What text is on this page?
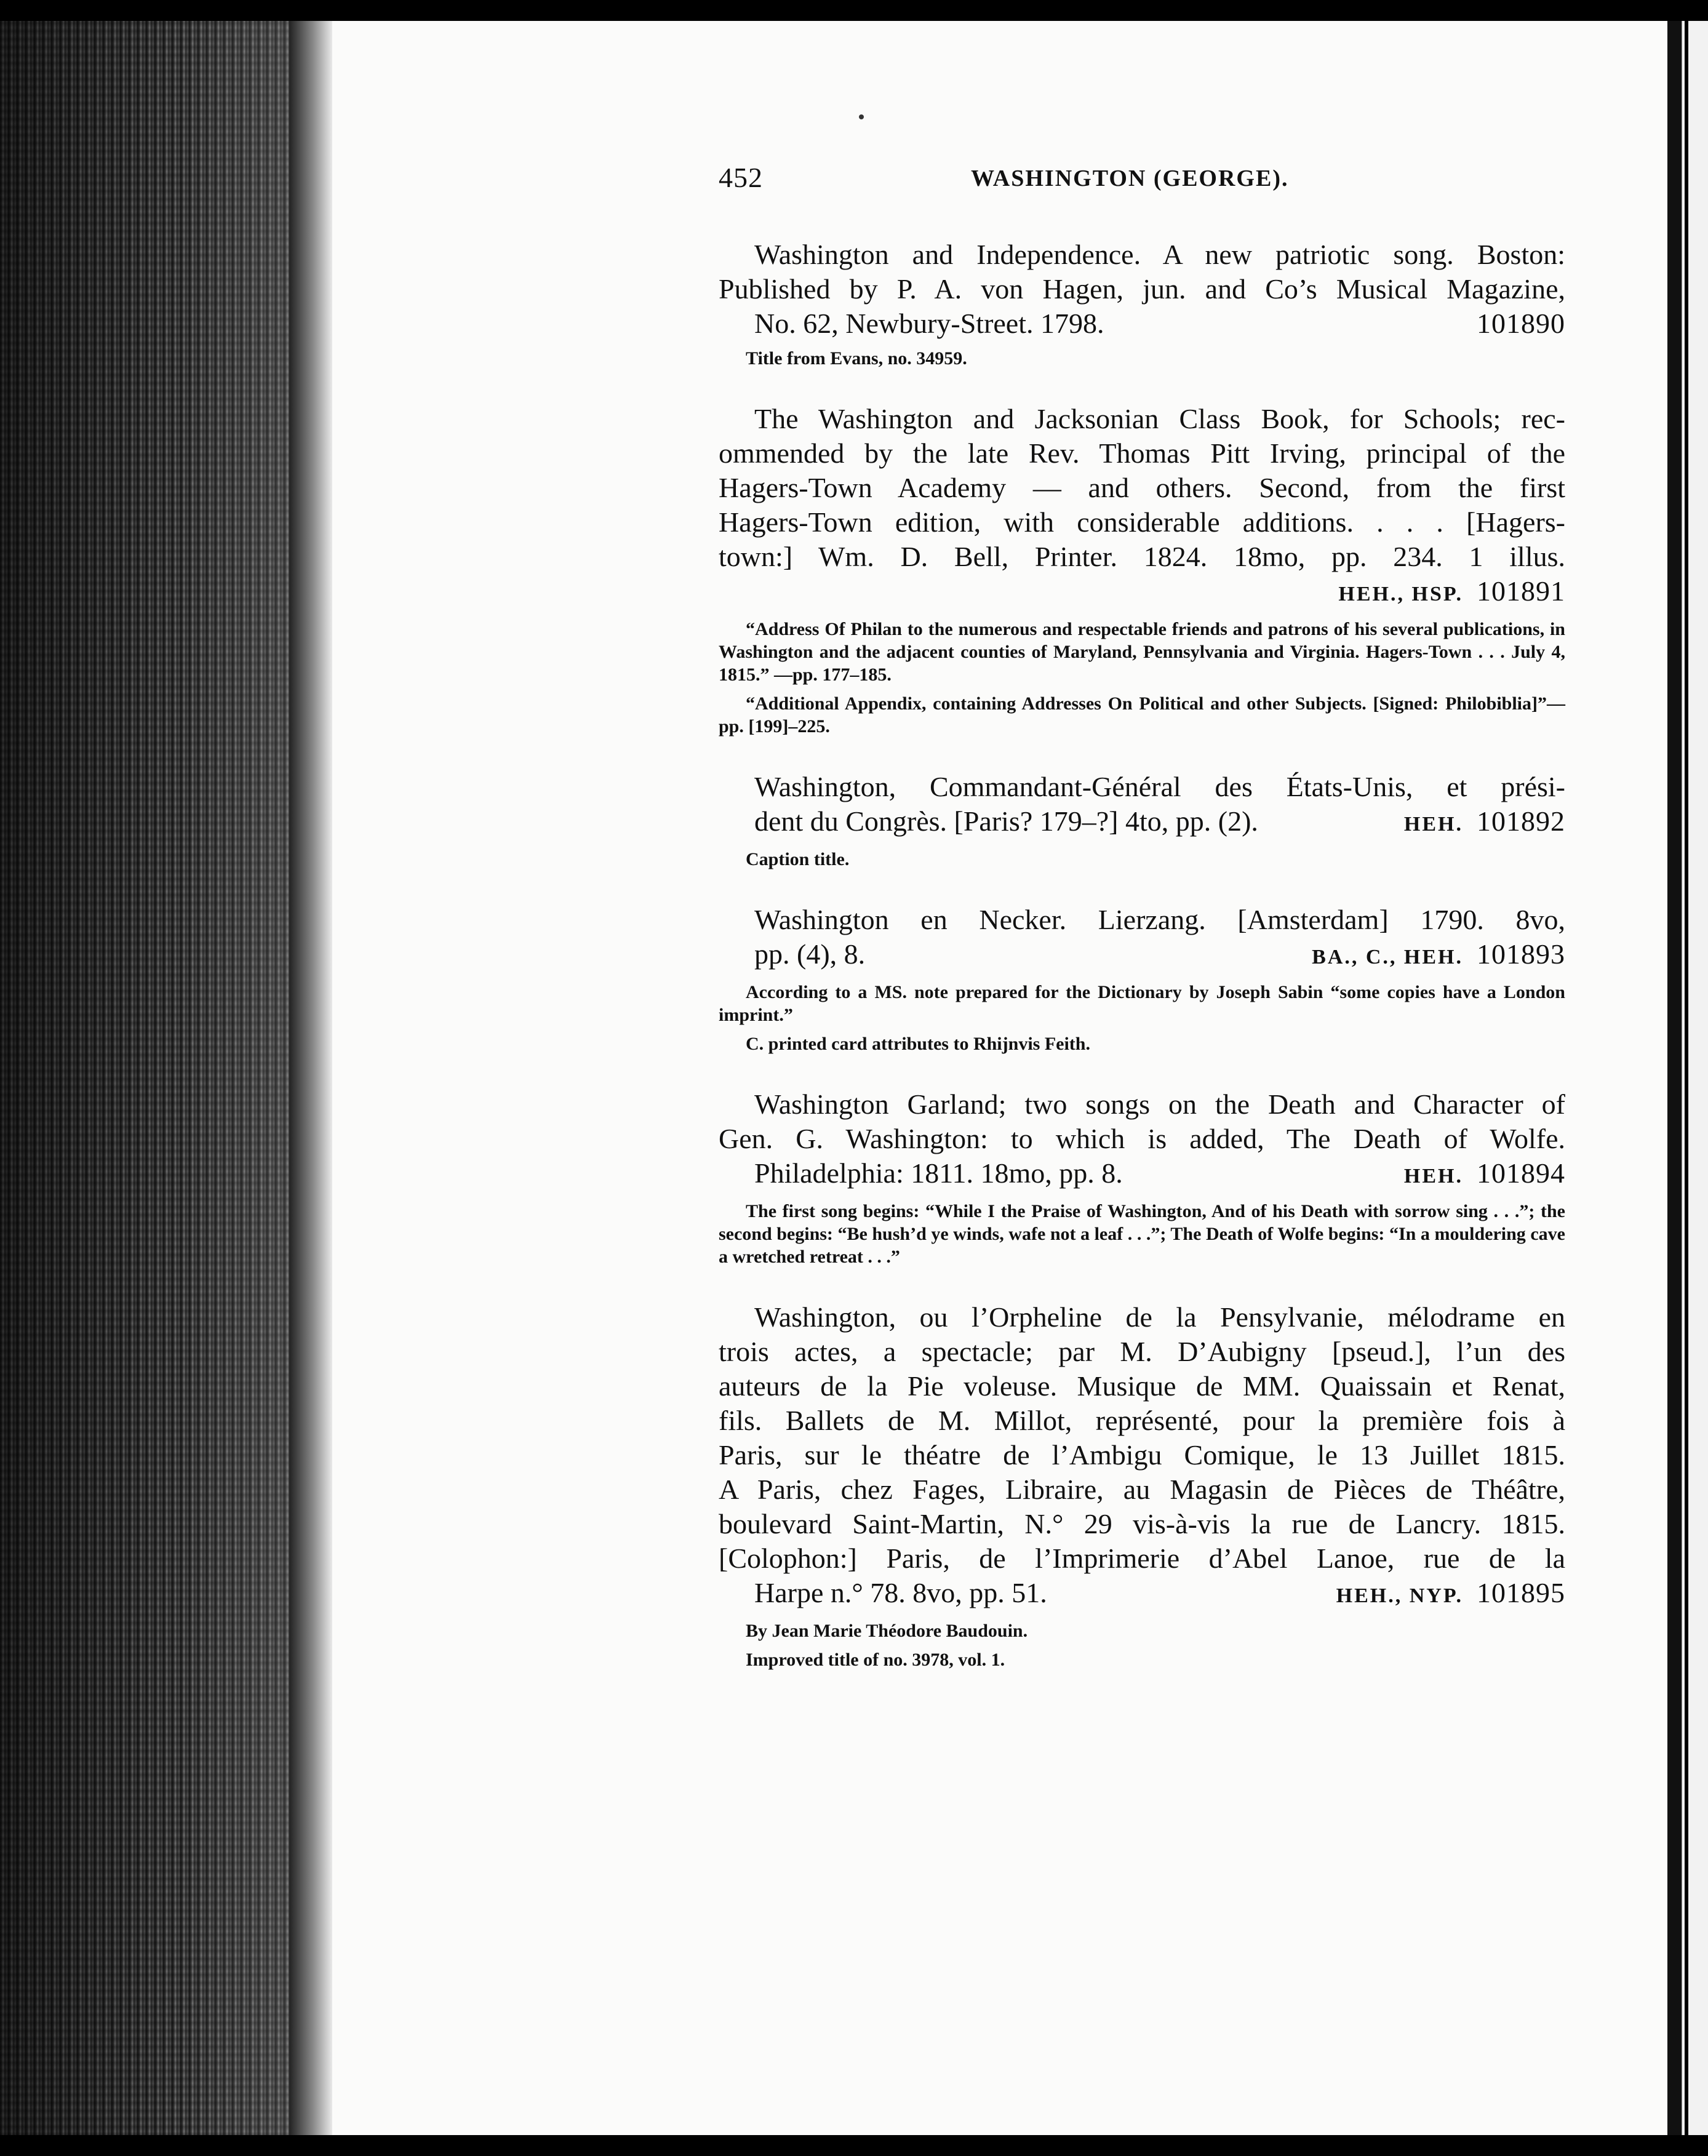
452	WASHINGTON (GEORGE).
Washington and Independence. A new patriotic song. Boston:
Published by P. A. von Hagen, jun. and Co’s Musical Magazine,
No. 62, Newbury-Street. 1798.	101890
Title from Evans, no. 34959.
The Washington and Jacksonian Class Book, for Schools; rec-
ommended by the late Rev. Thomas Pitt Irving, principal of the
Hagers-Town Academy — and others. Second, from the first
Hagers-Town edition, with considerable additions. . . . [Hagers-
town:] Wm. D. Bell, Printer. 1824. 18mo, pp. 234. 1 illus.
HEH., HSP. 101891
“Address Of Philan to the numerous and respectable friends and patrons of his several publications, in Washington and the adjacent counties of Maryland, Pennsylvania and Virginia. Hagers-Town . . . July 4, 1815.” —pp. 177–185.
“Additional Appendix, containing Addresses On Political and other Subjects. [Signed: Philobiblia]”—pp. [199]–225.
Washington, Commandant-Général des États-Unis, et prési-
dent du Congrès. [Paris? 179–?] 4to, pp. (2).	HEH. 101892
Caption title.
Washington en Necker. Lierzang. [Amsterdam] 1790. 8vo,
pp. (4), 8.	BA., C., HEH. 101893
According to a MS. note prepared for the Dictionary by Joseph Sabin “some copies have a London imprint.”
C. printed card attributes to Rhijnvis Feith.
Washington Garland; two songs on the Death and Character of
Gen. G. Washington: to which is added, The Death of Wolfe.
Philadelphia: 1811. 18mo, pp. 8.	HEH. 101894
The first song begins: “While I the Praise of Washington, And of his Death with sorrow sing . . .”; the second begins: “Be hush’d ye winds, wafe not a leaf . . .”; The Death of Wolfe begins: “In a mouldering cave a wretched retreat . . .”
Washington, ou l’Orpheline de la Pensylvanie, mélodrame en
trois actes, a spectacle; par M. D’Aubigny [pseud.], l’un des
auteurs de la Pie voleuse. Musique de MM. Quaissain et Renat,
fils. Ballets de M. Millot, représenté, pour la première fois à
Paris, sur le théatre de l’Ambigu Comique, le 13 Juillet 1815.
A Paris, chez Fages, Libraire, au Magasin de Pièces de Théâtre,
boulevard Saint-Martin, N.° 29 vis-à-vis la rue de Lancry. 1815.
[Colophon:] Paris, de l’Imprimerie d’Abel Lanoe, rue de la
Harpe n.° 78. 8vo, pp. 51.	HEH., NYP. 101895
By Jean Marie Théodore Baudouin.
Improved title of no. 3978, vol. 1.
